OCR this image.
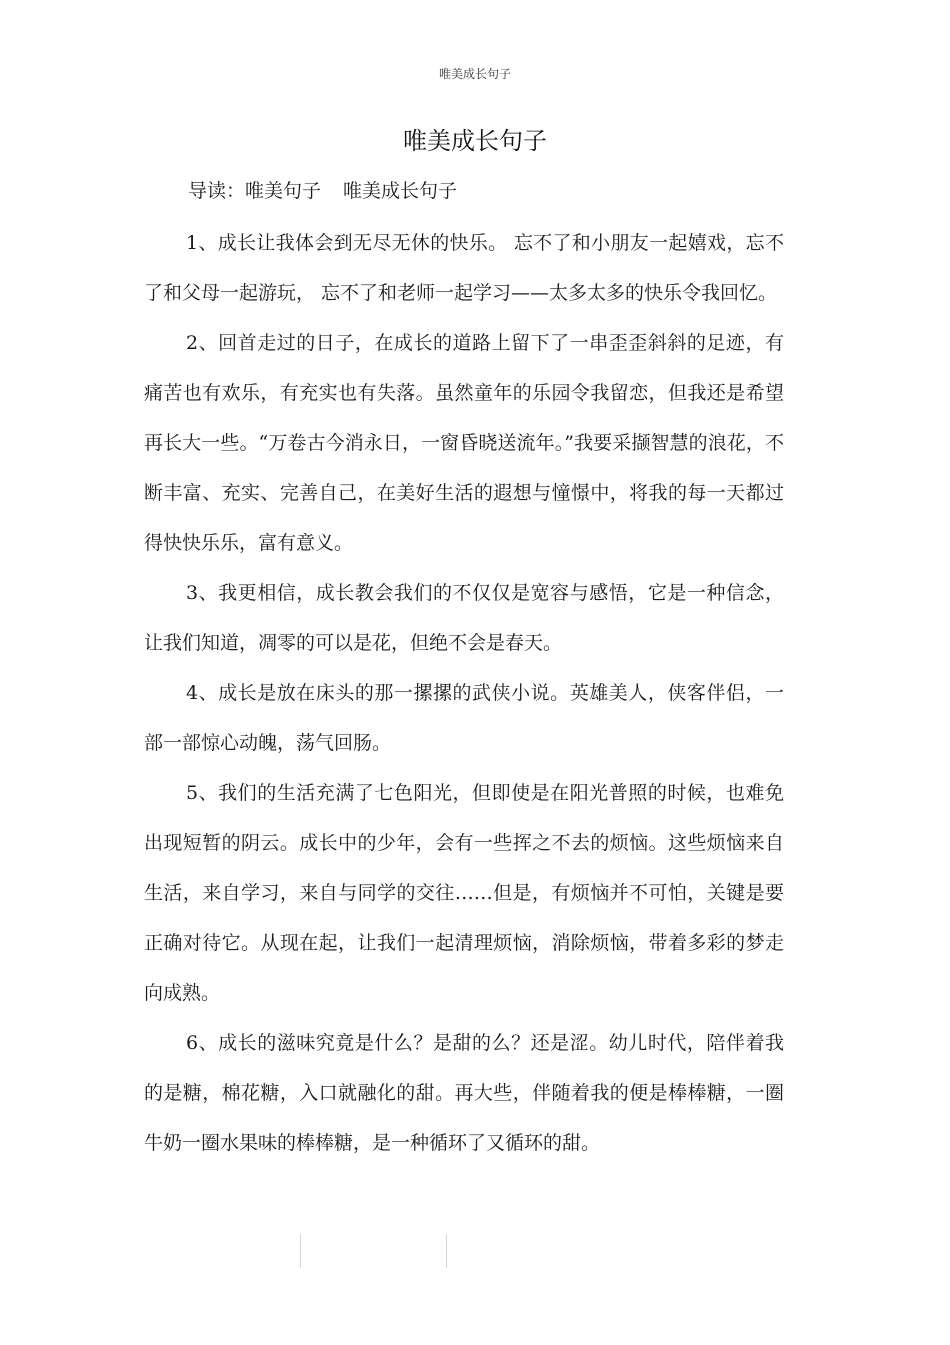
唯美成长句子
唯美成长句子
导读：唯美句子 唯美成长句子

1、成长让我体会到无尽无休的快乐。 忘不了和小朋友一起嬉戏，忘不了和父母一起游玩， 忘不了和老师一起学习——太多太多的快乐令我回忆。

2、回首走过的日子，在成长的道路上留下了一串歪歪斜斜的足迹，有痛苦也有欢乐，有充实也有失落。虽然童年的乐园令我留恋，但我还是希望再长大一些。“万卷古今消永日，一窗昏晓送流年。”我要采撷智慧的浪花，不断丰富、充实、完善自己，在美好生活的遐想与憧憬中，将我的每一天都过得快快乐乐，富有意义。

3、我更相信，成长教会我们的不仅仅是宽容与感悟，它是一种信念，让我们知道，凋零的可以是花，但绝不会是春天。

4、成长是放在床头的那一摞摞的武侠小说。英雄美人，侠客伴侣，一部一部惊心动魄，荡气回肠。

5、我们的生活充满了七色阳光，但即使是在阳光普照的时候，也难免出现短暂的阴云。成长中的少年，会有一些挥之不去的烦恼。这些烦恼来自生活，来自学习，来自与同学的交往……但是，有烦恼并不可怕，关键是要正确对待它。从现在起，让我们一起清理烦恼，消除烦恼，带着多彩的梦走向成熟。

6、成长的滋味究竟是什么？是甜的么？还是涩。幼儿时代，陪伴着我的是糖，棉花糖，入口就融化的甜。再大些，伴随着我的便是棒棒糖，一圈牛奶一圈水果味的棒棒糖，是一种循环了又循环的甜。
